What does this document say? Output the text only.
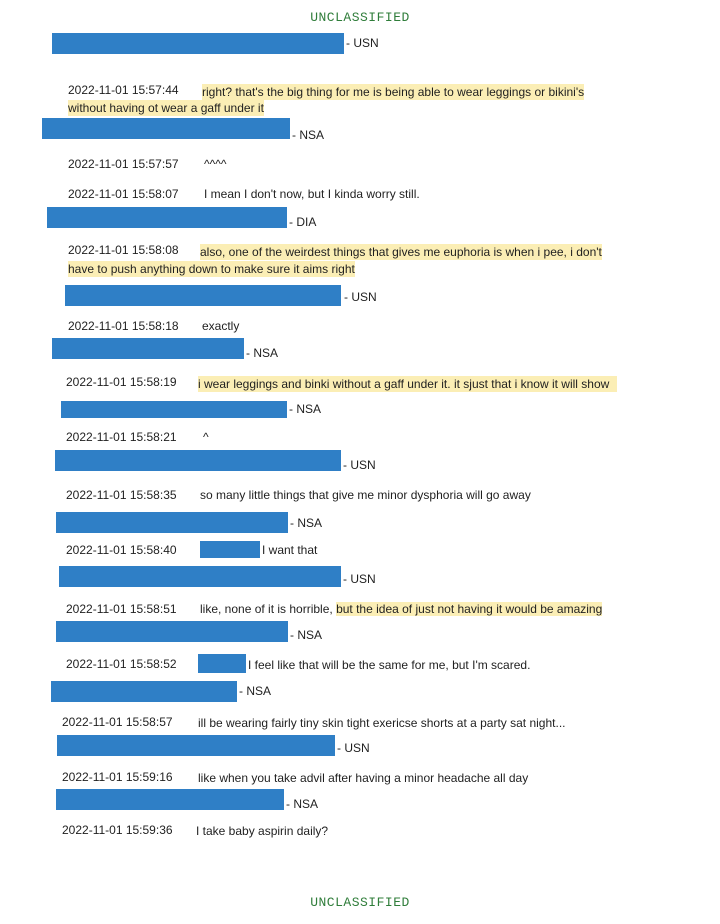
UNCLASSIFIED
- USN
2022-11-01 15:57:44 right? that's the big thing for me is being able to wear leggings or bikini's
without having ot wear a gaff under it
- NSA
2022-11-01 15:57:57 ^^^^
2022-11-01 15:58:07 I mean I don't now, but I kinda worry still.
- DIA
2022-11-01 15:58:08 also, one of the weirdest things that gives me euphoria is when i pee, i don't
have to push anything down to make sure it aims right
- USN
2022-11-01 15:58:18 exactly
- NSA
2022-11-01 15:58:19 i wear leggings and binki without a gaff under it. it sjust that i know it will show
- NSA
2022-11-01 15:58:21 ^
- USN
2022-11-01 15:58:35 so many little things that give me minor dysphoria will go away
- NSA
2022-11-01 15:58:40	I want that
- USN
2022-11-01 15:58:51 like, none of it is horrible, but the idea of just not having it would be amazing
- NSA
2022-11-01 15:58:52	I feel like that will be the same for me, but I'm scared.
- NSA
2022-11-01 15:58:57 ill be wearing fairly tiny skin tight exericse shorts at a party sat night...
- USN
2022-11-01 15:59:16 like when you take advil after having a minor headache all day
- NSA
2022-11-01 15:59:36 I take baby aspirin daily?
UNCLASSIFIED
